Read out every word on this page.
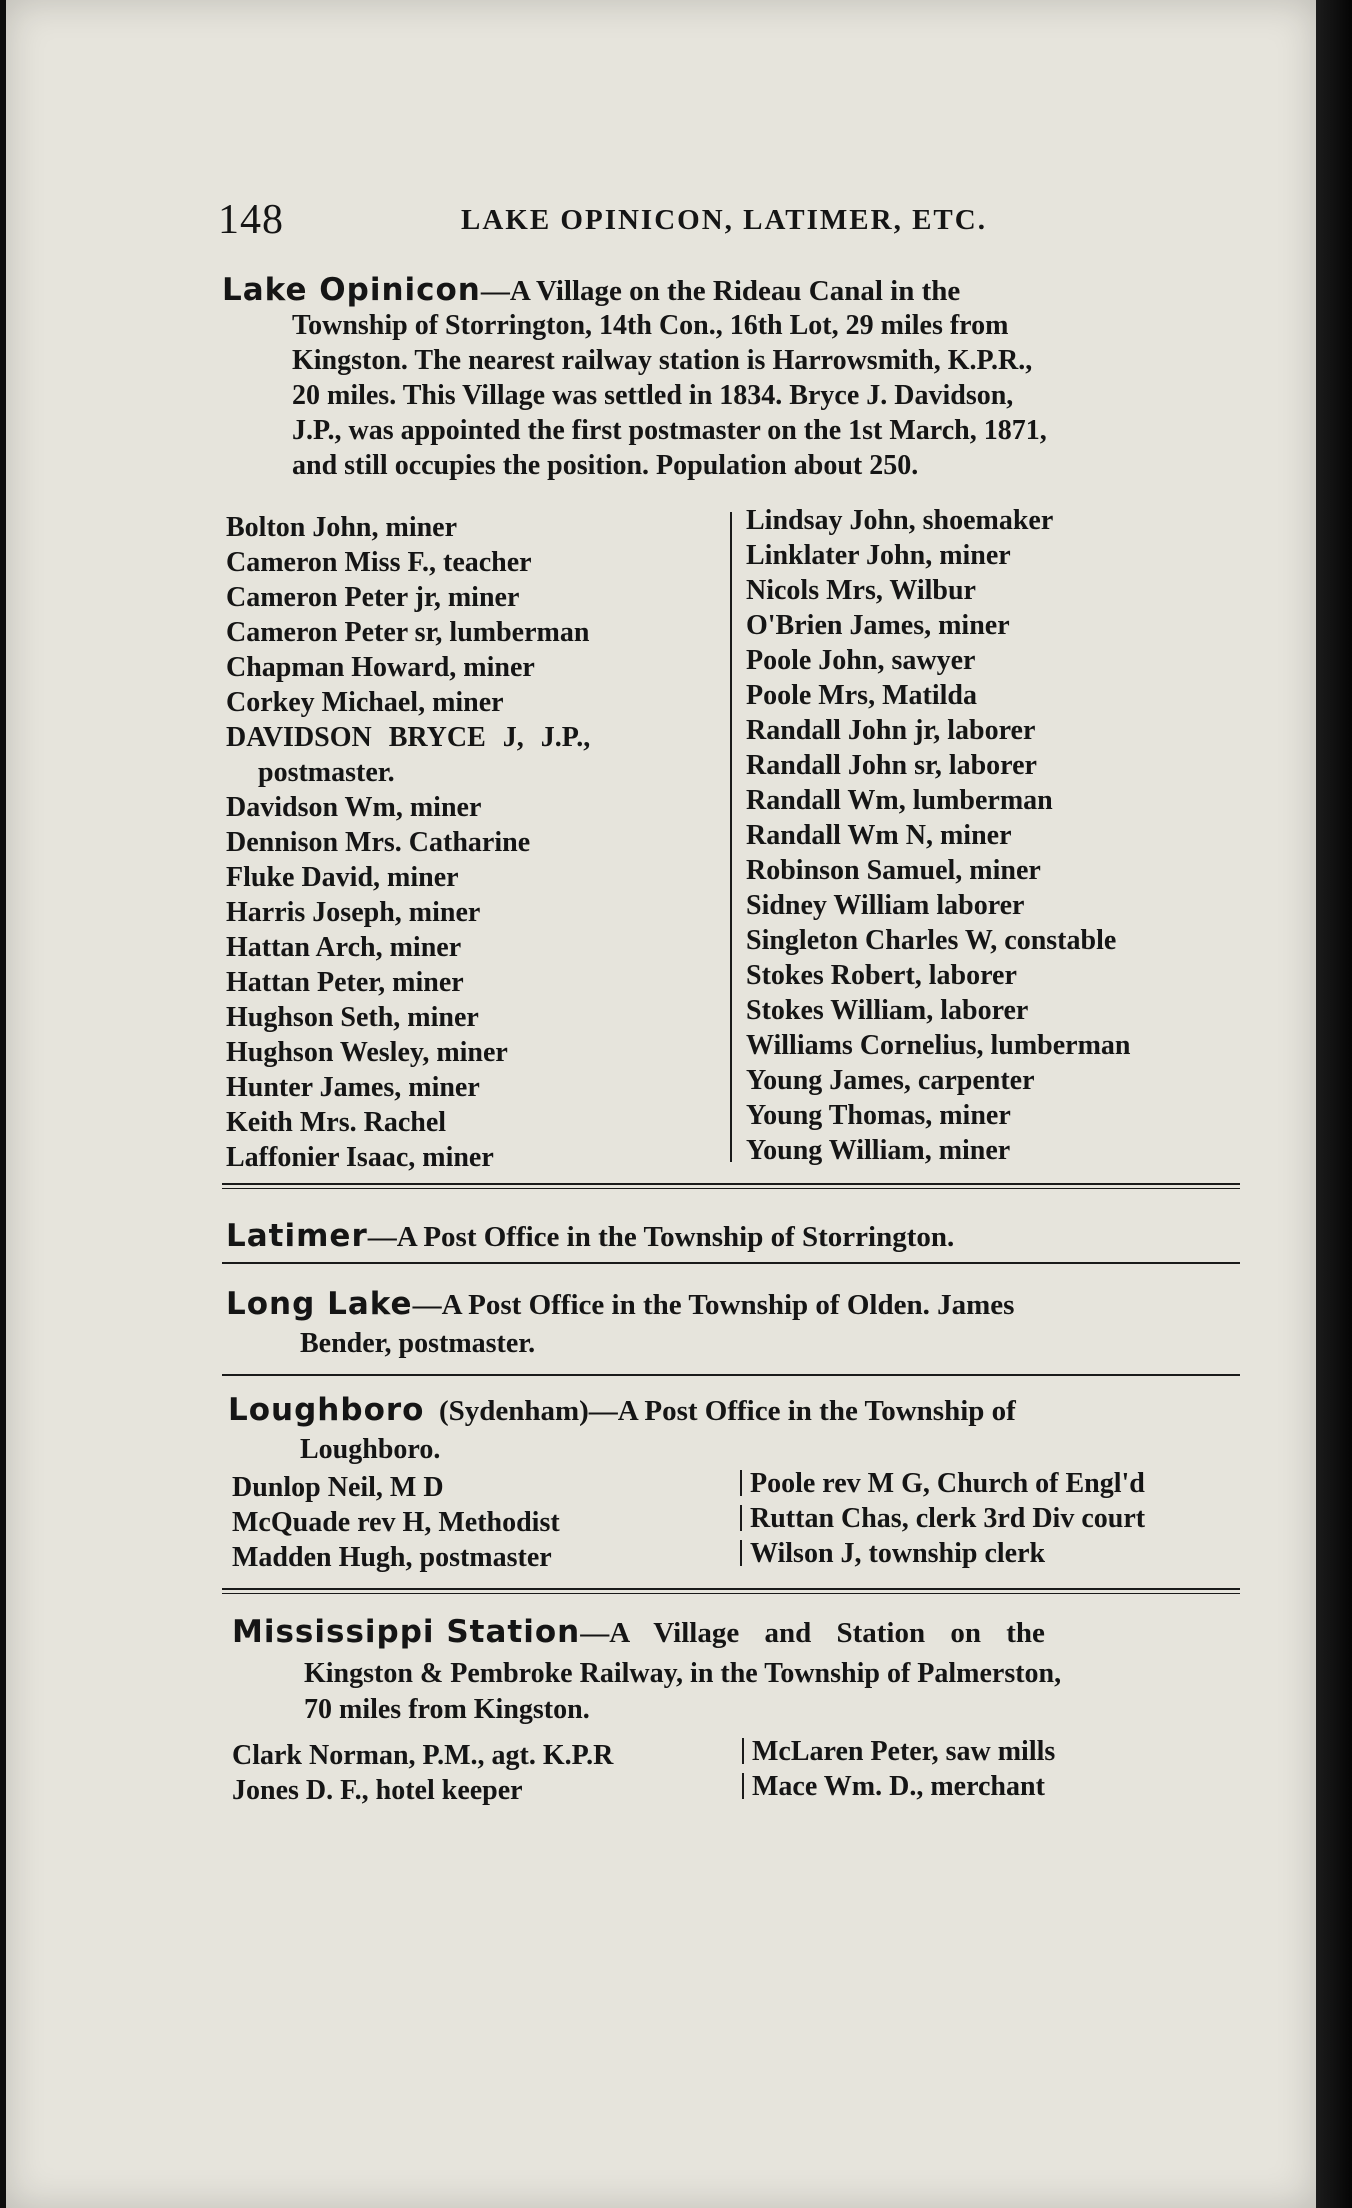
148	LAKE OPINICON, LATIMER, ETC.
Lake Opinicon—A Village on the Rideau Canal in the
Township of Storrington, 14th Con., 16th Lot, 29 miles from
Kingston. The nearest railway station is Harrowsmith, K.P.R.,
20 miles. This Village was settled in 1834. Bryce J. Davidson,
J.P., was appointed the first postmaster on the 1st March, 1871,
and still occupies the position. Population about 250.
Bolton John, miner
Cameron Miss F., teacher
Cameron Peter jr, miner
Cameron Peter sr, lumberman
Chapman Howard, miner
Corkey Michael, miner
DAVIDSON BRYCE J, J.P.,
postmaster.
Davidson Wm, miner
Dennison Mrs. Catharine
Fluke David, miner
Harris Joseph, miner
Hattan Arch, miner
Hattan Peter, miner
Hughson Seth, miner
Hughson Wesley, miner
Hunter James, miner
Keith Mrs. Rachel
Laffonier Isaac, miner
Lindsay John, shoemaker
Linklater John, miner
Nicols Mrs, Wilbur
O'Brien James, miner
Poole John, sawyer
Poole Mrs, Matilda
Randall John jr, laborer
Randall John sr, laborer
Randall Wm, lumberman
Randall Wm N, miner
Robinson Samuel, miner
Sidney William laborer
Singleton Charles W, constable
Stokes Robert, laborer
Stokes William, laborer
Williams Cornelius, lumberman
Young James, carpenter
Young Thomas, miner
Young William, miner
Latimer—A Post Office in the Township of Storrington.
Long Lake—A Post Office in the Township of Olden. James
Bender, postmaster.
Loughboro (Sydenham)—A Post Office in the Township of
Loughboro.
Dunlop Neil, M D
McQuade rev H, Methodist
Madden Hugh, postmaster
Poole rev M G, Church of Engl'd
Ruttan Chas, clerk 3rd Div court
Wilson J, township clerk
Mississippi Station—A Village and Station on the
Kingston & Pembroke Railway, in the Township of Palmerston,
70 miles from Kingston.
Clark Norman, P.M., agt. K.P.R
Jones D. F., hotel keeper
McLaren Peter, saw mills
Mace Wm. D., merchant
